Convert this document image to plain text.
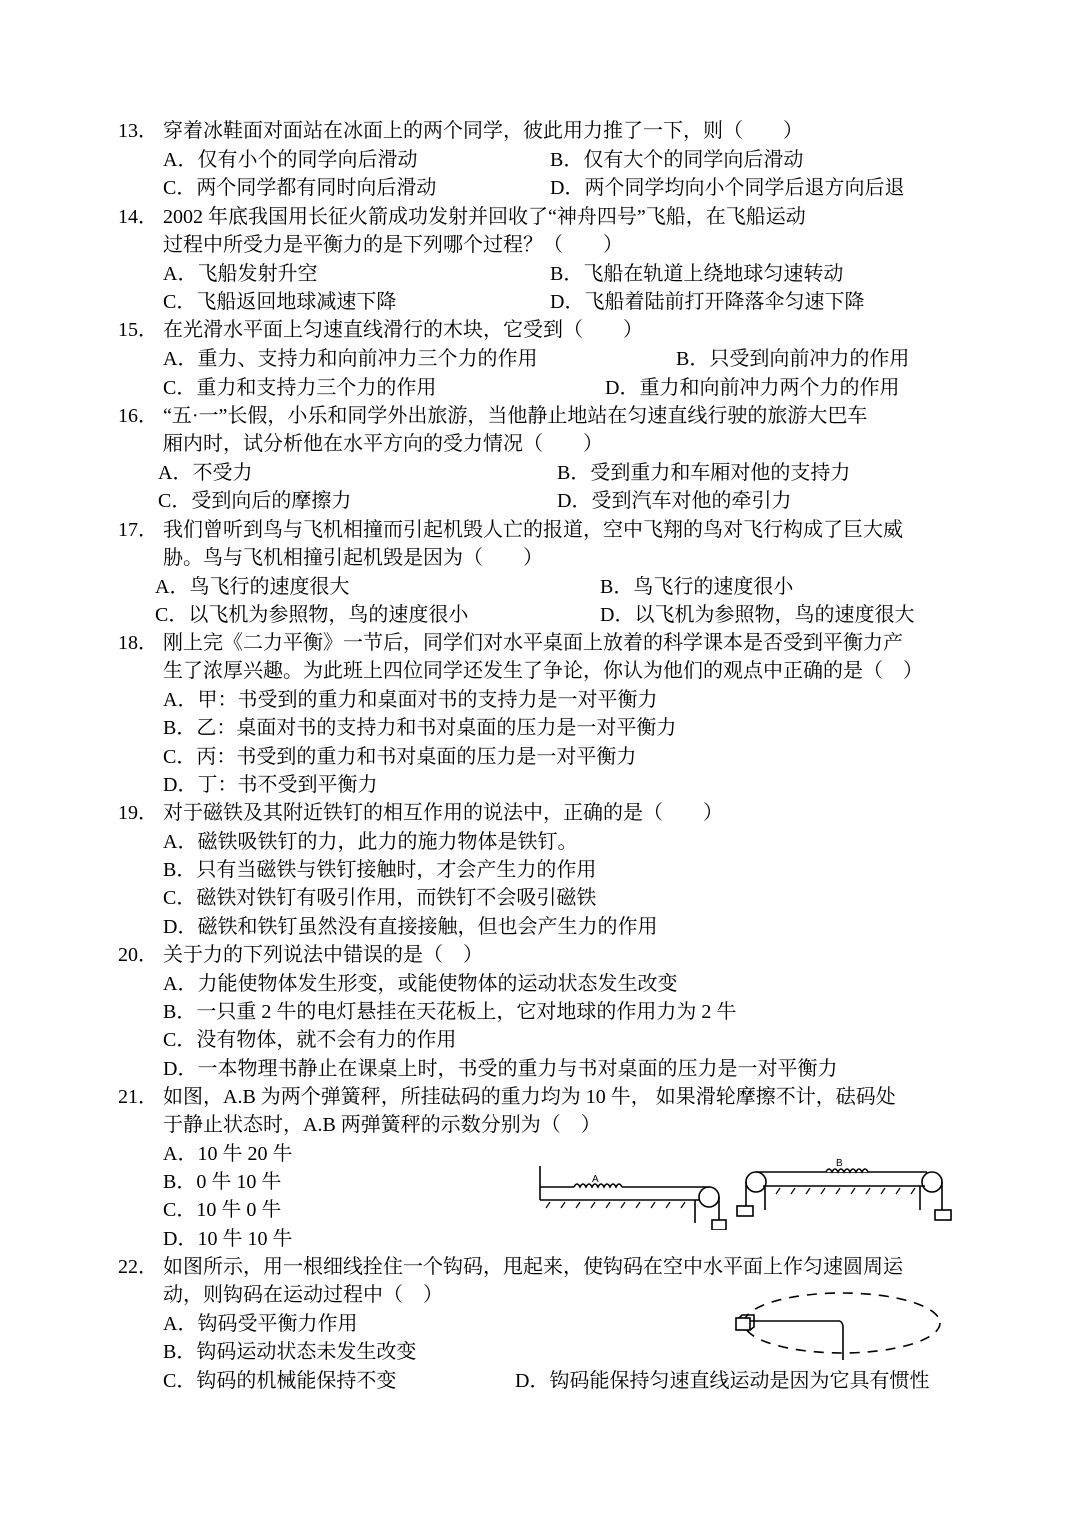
13． 穿着冰鞋面对面站在冰面上的两个同学，彼此用力推了一下，则（　　）
A．仅有小个的同学向后滑动	B．仅有大个的同学向后滑动
C．两个同学都有同时向后滑动	D．两个同学均向小个同学后退方向后退
14． 2002 年底我国用长征火箭成功发射并回收了“神舟四号”飞船，在飞船运动
过程中所受力是平衡力的是下列哪个过程？（　　）
A．飞船发射升空	B．飞船在轨道上绕地球匀速转动
C．飞船返回地球减速下降	D．飞船着陆前打开降落伞匀速下降
15． 在光滑水平面上匀速直线滑行的木块，它受到（　　）
A．重力、支持力和向前冲力三个力的作用	B．只受到向前冲力的作用
C．重力和支持力三个力的作用	D．重力和向前冲力两个力的作用
16． “五·一”长假，小乐和同学外出旅游，当他静止地站在匀速直线行驶的旅游大巴车
厢内时，试分析他在水平方向的受力情况（　　）
A．不受力	B．受到重力和车厢对他的支持力
C．受到向后的摩擦力	D．受到汽车对他的牵引力
17． 我们曾听到鸟与飞机相撞而引起机毁人亡的报道，空中飞翔的鸟对飞行构成了巨大威
胁。鸟与飞机相撞引起机毁是因为（　　）
A．鸟飞行的速度很大	B．鸟飞行的速度很小
C．以飞机为参照物，鸟的速度很小	D．以飞机为参照物，鸟的速度很大
18． 刚上完《二力平衡》一节后，同学们对水平桌面上放着的科学课本是否受到平衡力产
生了浓厚兴趣。为此班上四位同学还发生了争论，你认为他们的观点中正确的是（　）
A．甲：书受到的重力和桌面对书的支持力是一对平衡力
B．乙：桌面对书的支持力和书对桌面的压力是一对平衡力
C．丙：书受到的重力和书对桌面的压力是一对平衡力
D．丁：书不受到平衡力
19． 对于磁铁及其附近铁钉的相互作用的说法中，正确的是（　　）
A．磁铁吸铁钉的力，此力的施力物体是铁钉。
B．只有当磁铁与铁钉接触时，才会产生力的作用
C．磁铁对铁钉有吸引作用，而铁钉不会吸引磁铁
D．磁铁和铁钉虽然没有直接接触，但也会产生力的作用
20． 关于力的下列说法中错误的是（　）
A．力能使物体发生形变，或能使物体的运动状态发生改变
B．一只重 2 牛的电灯悬挂在天花板上，它对地球的作用力为 2 牛
C．没有物体，就不会有力的作用
D．一本物理书静止在课桌上时，书受的重力与书对桌面的压力是一对平衡力
21． 如图，A.B 为两个弹簧秤，所挂砝码的重力均为 10 牛， 如果滑轮摩擦不计，砝码处
于静止状态时，A.B 两弹簧秤的示数分别为（　）
A．10 牛 20 牛
B．0 牛 10 牛
C．10 牛 0 牛
D．10 牛 10 牛
A
B
22． 如图所示，用一根细线拴住一个钩码，甩起来，使钩码在空中水平面上作匀速圆周运
动，则钩码在运动过程中（　）
A．钩码受平衡力作用
B．钩码运动状态未发生改变
C．钩码的机械能保持不变	D．钩码能保持匀速直线运动是因为它具有惯性
